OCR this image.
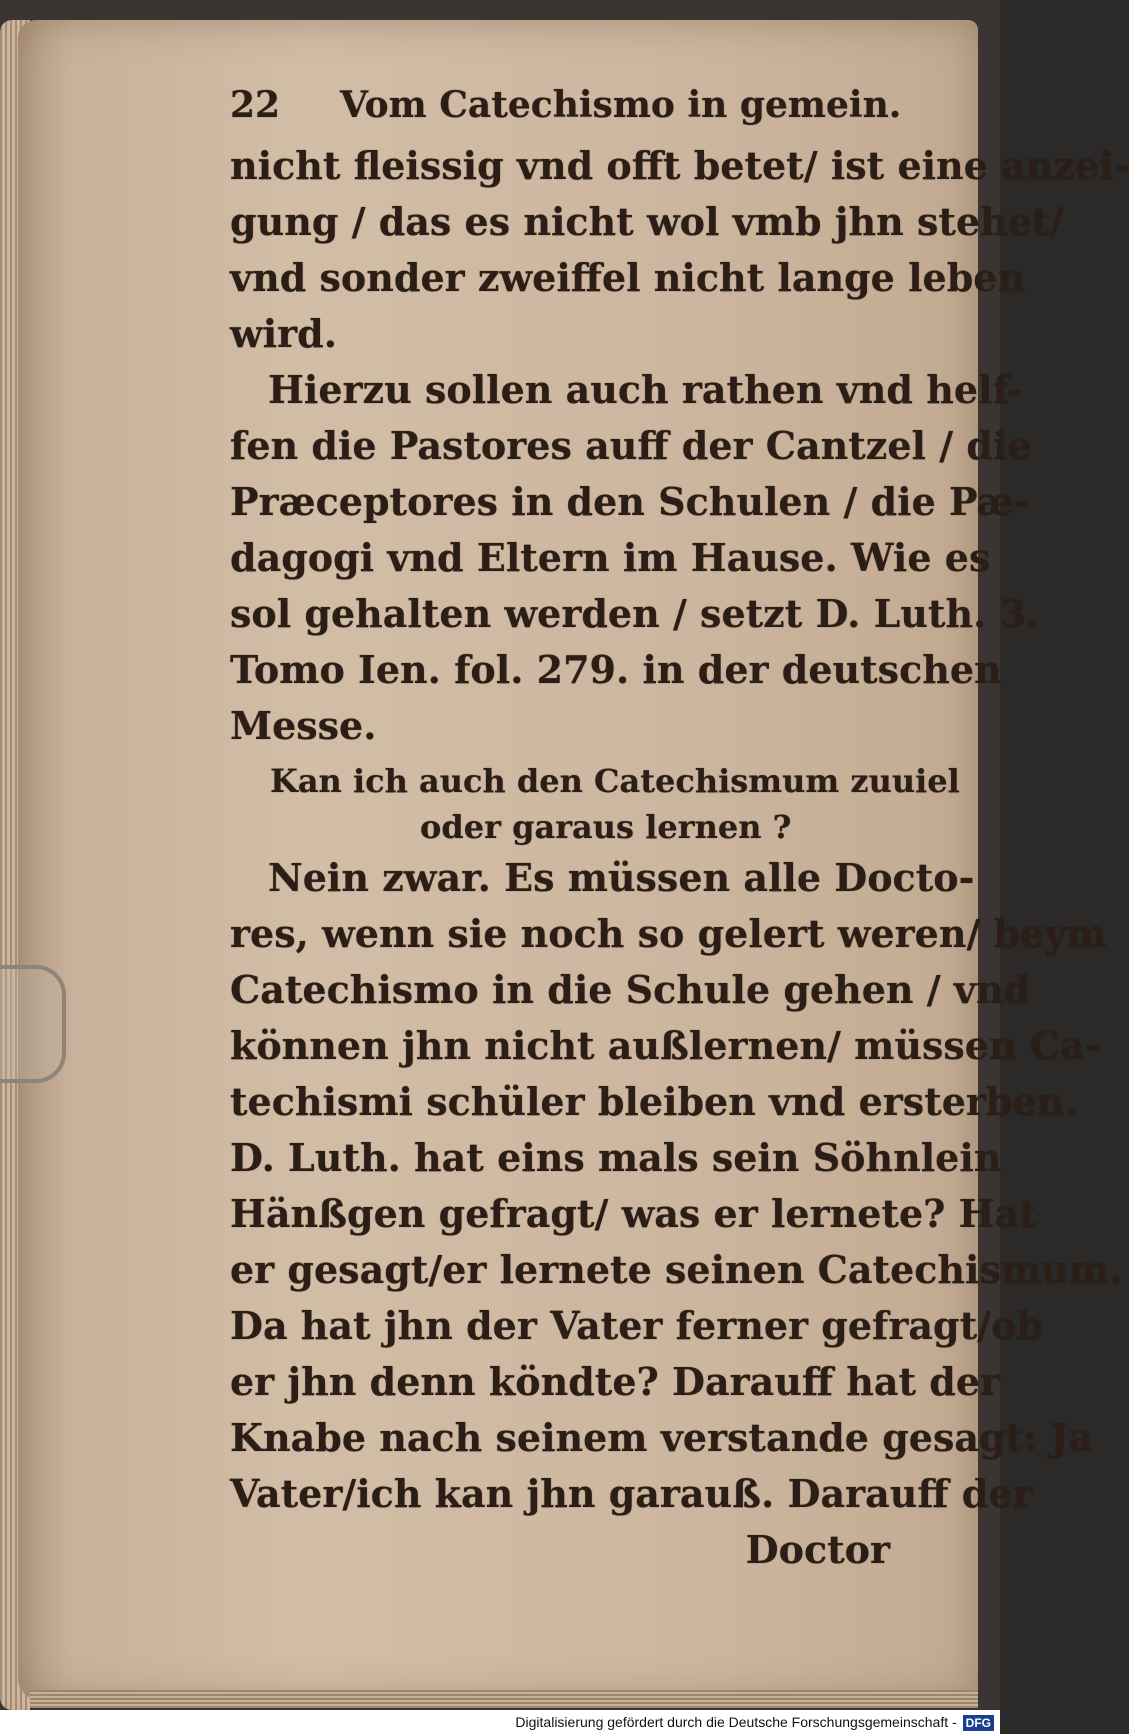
22	Vom Catechismo in gemein.
nicht fleissig vnd offt betet/ ist eine anzei-
gung / das es nicht wol vmb jhn stehet/
vnd sonder zweiffel nicht lange leben
wird.
Hierzu sollen auch rathen vnd helf-
fen die Pastores auff der Cantzel / die
Præceptores in den Schulen / die Pæ-
dagogi vnd Eltern im Hause. Wie es
sol gehalten werden / setzt D. Luth. 3.
Tomo Ien. fol. 279. in der deutschen
Messe.
Kan ich auch den Catechismum zuuiel
oder garaus lernen ?
Nein zwar. Es müssen alle Docto-
res, wenn sie noch so gelert weren/ beym
Catechismo in die Schule gehen / vnd
können jhn nicht außlernen/ müssen Ca-
techismi schüler bleiben vnd ersterben.
D. Luth. hat eins mals sein Söhnlein
Hänßgen gefragt/ was er lernete? Hat
er gesagt/er lernete seinen Catechismum.
Da hat jhn der Vater ferner gefragt/ob
er jhn denn köndte? Darauff hat der
Knabe nach seinem verstande gesagt: Ja
Vater/ich kan jhn garauß. Darauff der
Doctor
Digitalisierung gefördert durch die Deutsche Forschungsgemeinschaft - DFG
